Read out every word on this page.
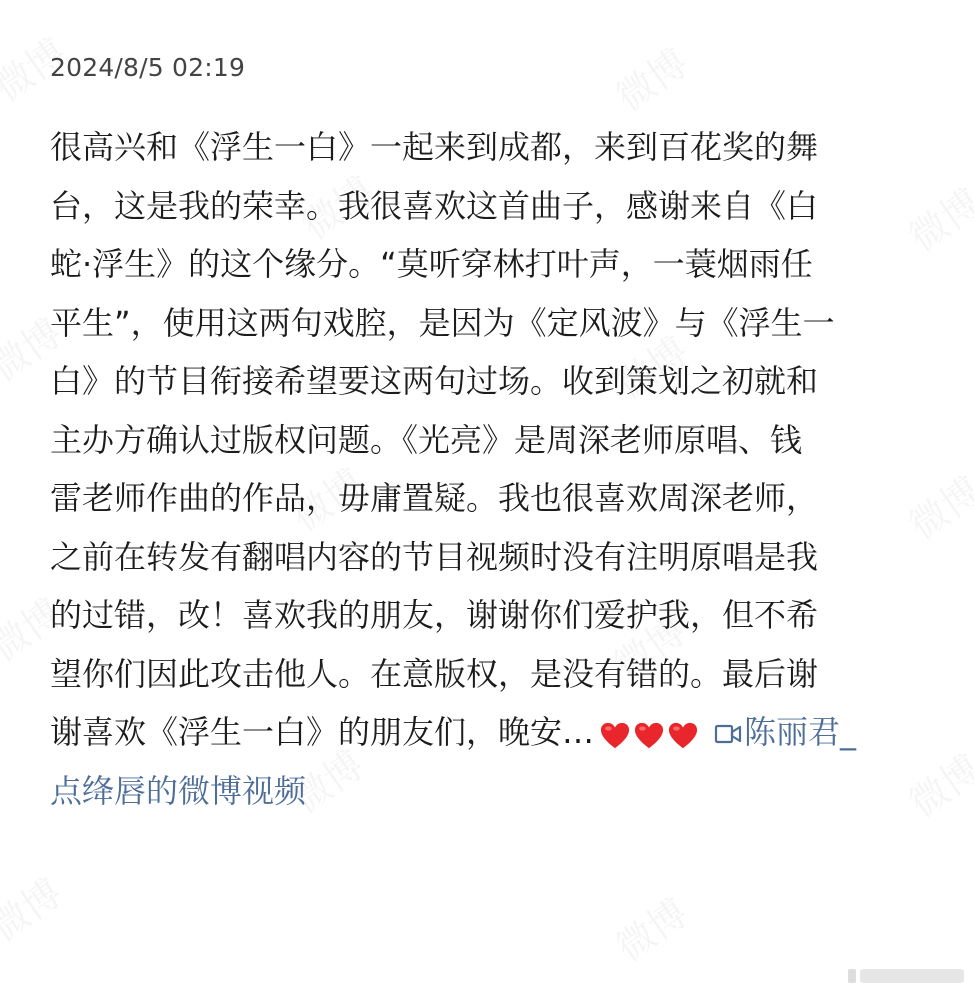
2024/8/5 02:19
很高兴和《浮生一白》一起来到成都，来到百花奖的舞
台，这是我的荣幸。我很喜欢这首曲子，感谢来自《白
蛇·浮生》的这个缘分。“莫听穿林打叶声，一蓑烟雨任
平生”，使用这两句戏腔，是因为《定风波》与《浮生一
白》的节目衔接希望要这两句过场。收到策划之初就和
主办方确认过版权问题。《光亮》是周深老师原唱、钱
雷老师作曲的作品，毋庸置疑。我也很喜欢周深老师，
之前在转发有翻唱内容的节目视频时没有注明原唱是我
的过错，改！喜欢我的朋友，谢谢你们爱护我，但不希
望你们因此攻击他人。在意版权，是没有错的。最后谢
谢喜欢《浮生一白》的朋友们，晚安…	陈丽君_
点绛唇的微博视频
